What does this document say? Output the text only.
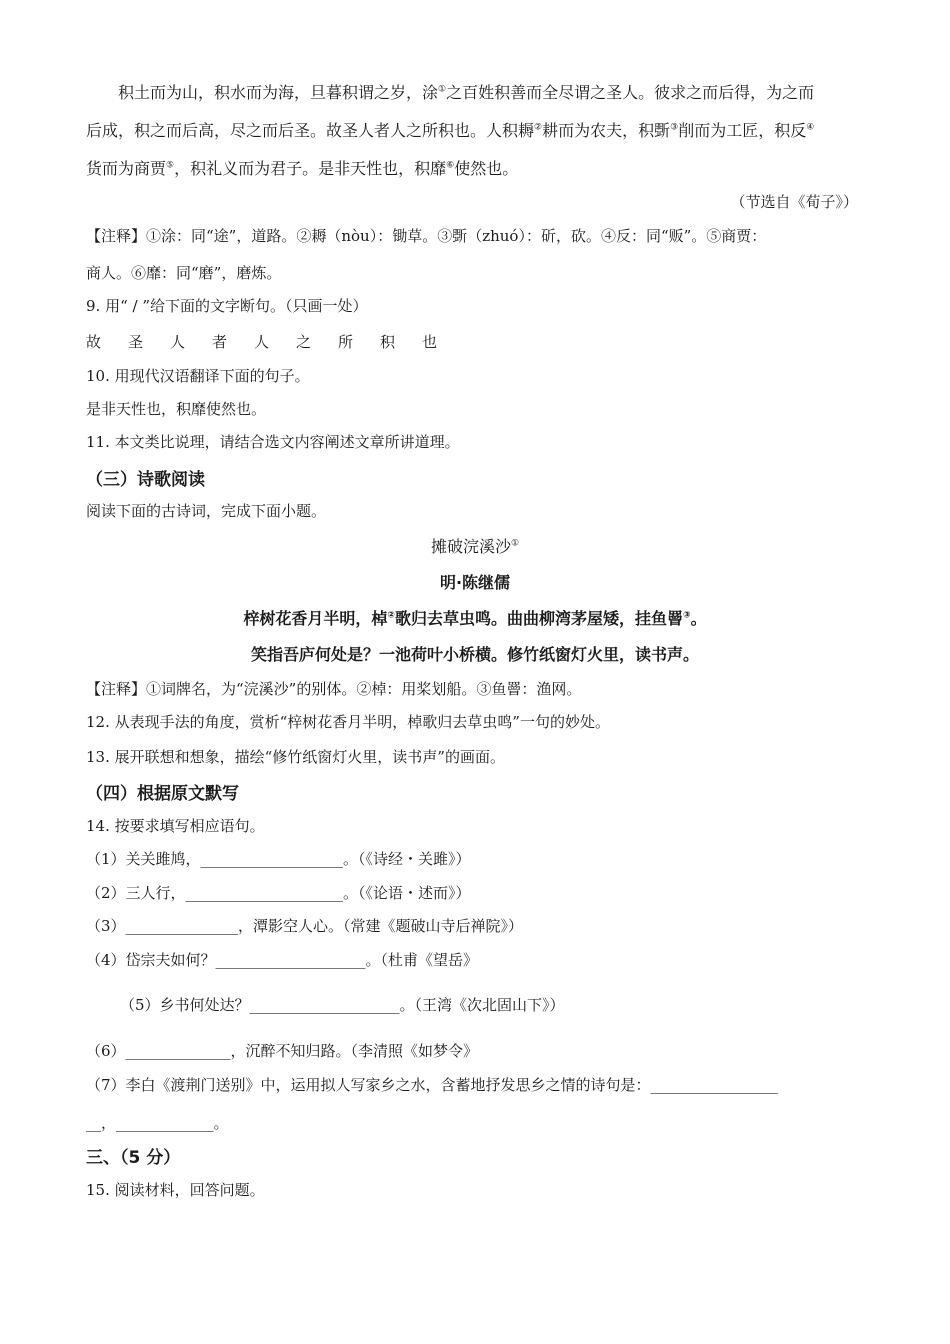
积土而为山，积水而为海，旦暮积谓之岁，涂①之百姓积善而全尽谓之圣人。彼求之而后得，为之而
后成，积之而后高，尽之而后圣。故圣人者人之所积也。人积耨②耕而为农夫，积斲③削而为工匠，积反④
货而为商贾⑤，积礼义而为君子。是非天性也，积靡⑥使然也。
（节选自《荀子》）
【注释】①涂：同“途”，道路。②耨（nòu）：锄草。③斲（zhuó）：斫，砍。④反：同“贩”。⑤商贾：
商人。⑥靡：同“磨”，磨炼。
9. 用“ / ”给下面的文字断句。（只画一处）
故 圣 人 者 人 之 所 积 也
10. 用现代汉语翻译下面的句子。
是非天性也，积靡使然也。
11. 本文类比说理，请结合选文内容阐述文章所讲道理。
（三）诗歌阅读
阅读下面的古诗词，完成下面小题。
摊破浣溪沙①
明·陈继儒
梓树花香月半明，棹②歌归去草虫鸣。曲曲柳湾茅屋矮，挂鱼罾③。
笑指吾庐何处是？一池荷叶小桥横。修竹纸窗灯火里，读书声。
【注释】①词牌名，为“浣溪沙”的别体。②棹：用桨划船。③鱼罾：渔网。
12. 从表现手法的角度，赏析“梓树花香月半明，棹歌归去草虫鸣”一句的妙处。
13. 展开联想和想象，描绘“修竹纸窗灯火里，读书声”的画面。
（四）根据原文默写
14. 按要求填写相应语句。
（1）关关雎鸠，___________________。（《诗经・关雎》）
（2）三人行，_____________________。（《论语・述而》）
（3）_______________，潭影空人心。（常建《题破山寺后禅院》）
（4）岱宗夫如何？____________________。（杜甫《望岳》
（5）乡书何处达？____________________。（王湾《次北固山下》）
（6）______________，沉醉不知归路。（李清照《如梦令》
（7）李白《渡荆门送别》中，运用拟人写家乡之水，含蓄地抒发思乡之情的诗句是：_________________
__，_____________。
三、（5 分）
15. 阅读材料，回答问题。
